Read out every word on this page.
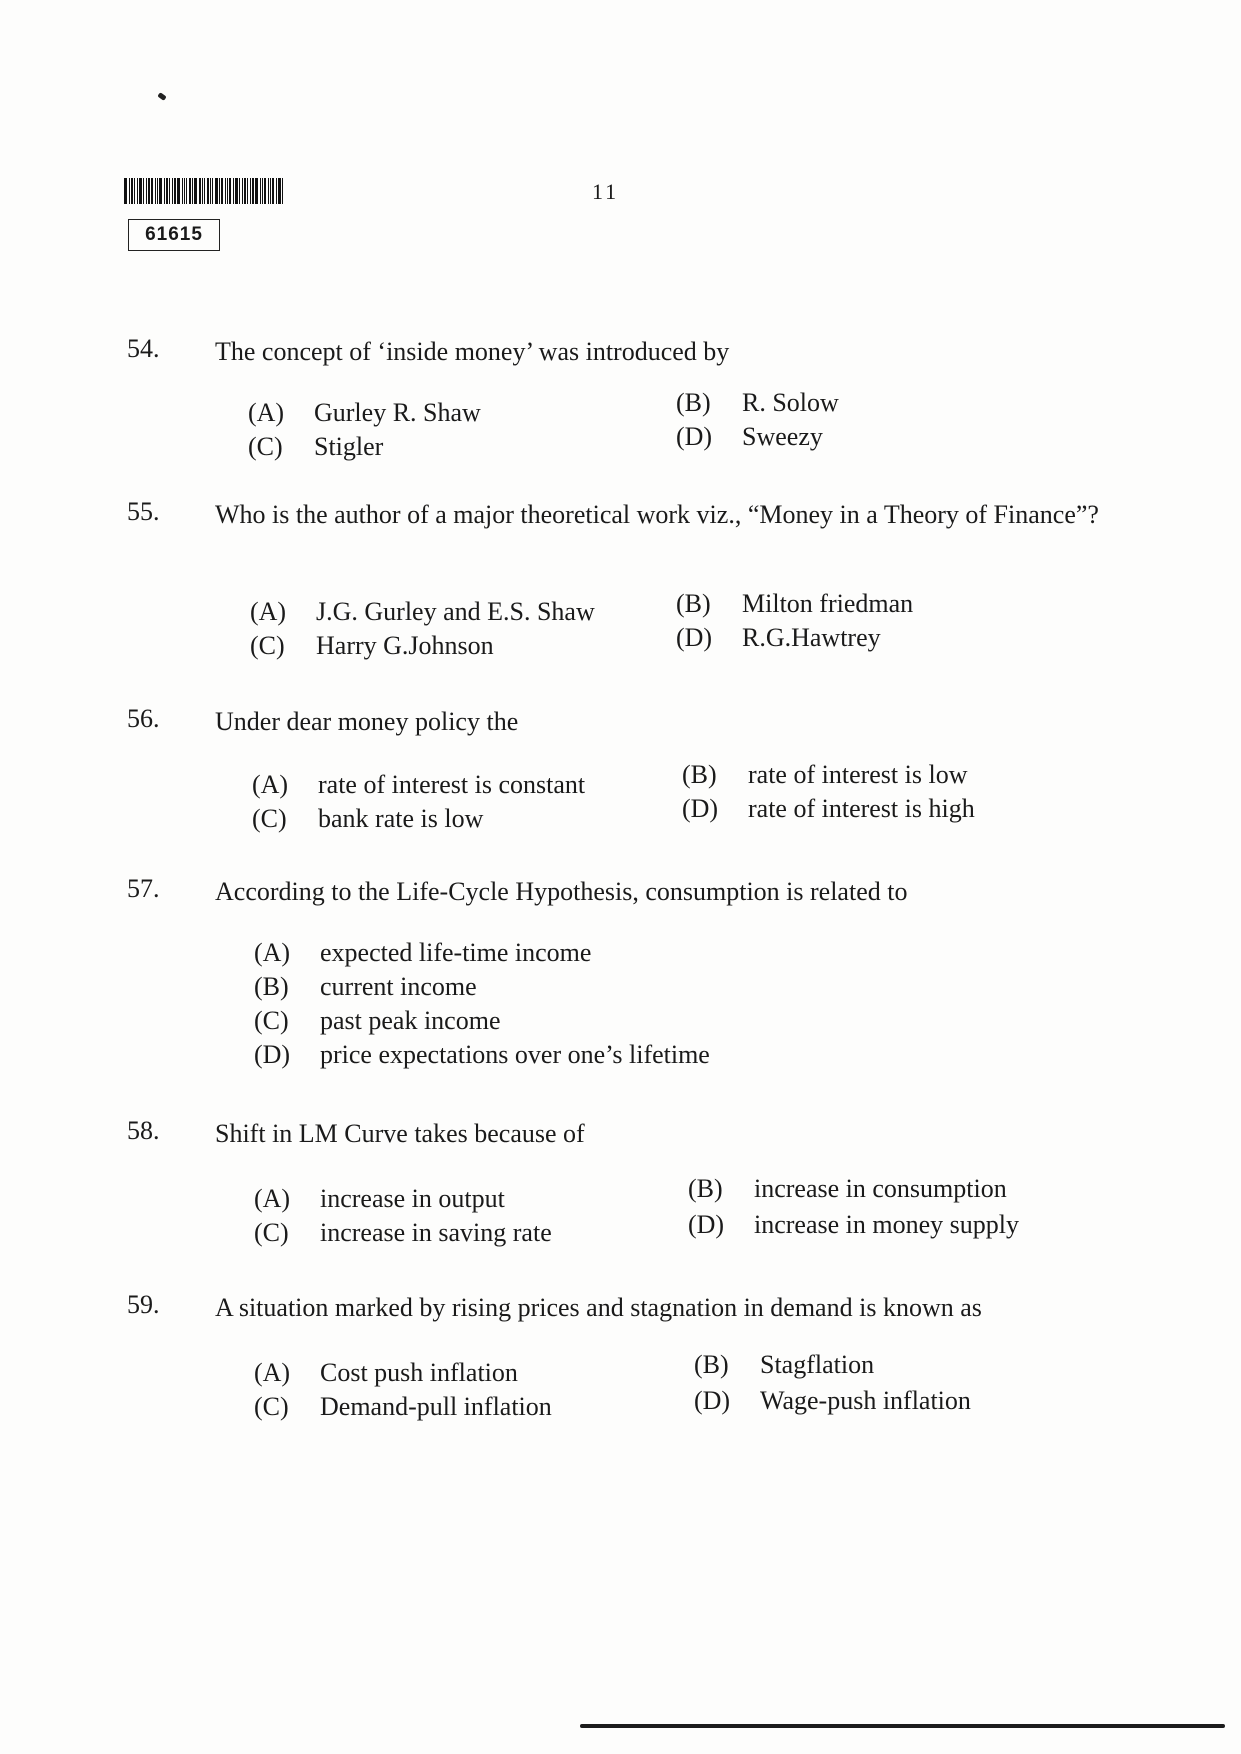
61615
11
54. The concept of ‘inside money’ was introduced by
(A) Gurley R. Shaw	(B) R. Solow
(C) Stigler	(D) Sweezy
55. Who is the author of a major theoretical work viz., “Money in a Theory of Finance”?
(A) J.G. Gurley and E.S. Shaw	(B) Milton friedman
(C) Harry G.Johnson	(D) R.G.Hawtrey
56. Under dear money policy the
(A) rate of interest is constant	(B) rate of interest is low
(C) bank rate is low	(D) rate of interest is high
57. According to the Life-Cycle Hypothesis, consumption is related to
(A) expected life-time income
(B) current income
(C) past peak income
(D) price expectations over one’s lifetime
58. Shift in LM Curve takes because of
(A) increase in output	(B) increase in consumption
(C) increase in saving rate	(D) increase in money supply
59. A situation marked by rising prices and stagnation in demand is known as
(A) Cost push inflation	(B) Stagflation
(C) Demand-pull inflation	(D) Wage-push inflation
